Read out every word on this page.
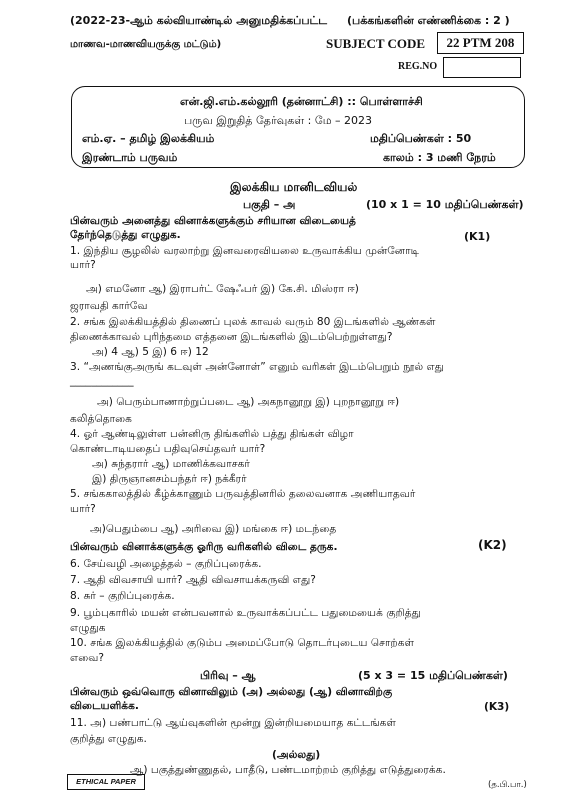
(2022-23-ஆம் கல்வியாண்டில் அனுமதிக்கப்பட்ட (பக்கங்களின் எண்ணிக்கை : 2 )
மாணவ-மாணவியருக்கு மட்டும்)	SUBJECT CODE	22 PTM 208
REG.NO
என்.ஜி.எம்.கல்லூரி (தன்னாட்சி) :: பொள்ளாச்சி
பருவ இறுதித் தேர்வுகள் : மே – 2023
எம்.ஏ. – தமிழ் இலக்கியம்	மதிப்பெண்கள் : 50
இரண்டாம் பருவம்	காலம் : 3 மணி நேரம்
இலக்கிய மானிடவியல்
பகுதி – அ	(10 x 1 = 10 மதிப்பெண்கள்)
பின்வரும் அனைத்து வினாக்களுக்கும் சரியான விடையைத்
தேர்ந்தெடுத்து எழுதுக.	(K1)
1. இந்திய சூழலில் வரலாற்று இனவரைவியலை உருவாக்கிய முன்னோடி
யார்?
அ) எமனோ ஆ) இராபர்ட் ஷேஃபர் இ) கே.சி. மிஸ்ரா ஈ)
ஜராவதி கார்வே
2. சங்க இலக்கியத்தில் திணைப் புலக் காவல் வரும் 80 இடங்களில் ஆண்கள்
திணைக்காவல் புரிந்தமை எத்தனை இடங்களில் இடம்பெற்றுள்ளது?
அ) 4 ஆ) 5 இ) 6 ஈ) 12
3. “அணங்குஅருங் கடவுள் அன்னோள்” எனும் வரிகள் இடம்பெறும் நூல் எது
____________
அ) பெரும்பாணாற்றுப்படை ஆ) அகநானூறு இ) புறநானூறு ஈ)
கலித்தொகை
4. ஓர் ஆண்டிலுள்ள பன்னிரு திங்களில் பத்து திங்கள் விழா
கொண்டாடியதைப் பதிவுசெய்தவர் யார்?
அ) சுந்தரார் ஆ) மாணிக்கவாசகர்
இ) திருஞானசம்பந்தர் ஈ) நக்கீரர்
5. சங்ககாலத்தில் கீழ்க்காணும் பருவத்தினரில் தலைவனாக அணியாதவர்
யார்?
அ)பெதும்பை ஆ) அரிவை இ) மங்கை ஈ) மடந்தை
பின்வரும் வினாக்களுக்கு ஓரிரு வரிகளில் விடை தருக.	(K2)
6. சேய்வழி அழைத்தல் – குறிப்புரைக்க.
7. ஆதி விவசாயி யார்? ஆதி விவசாயக்கருவி எது?
8. சுர் – குறிப்புரைக்க.
9. பூம்புகாரில் மயன் என்பவனால் உருவாக்கப்பட்ட பதுமையைக் குறித்து
எழுதுக
10. சங்க இலக்கியத்தில் குடும்ப அமைப்போடு தொடர்புடைய சொற்கள்
எவை?
பிரிவு – ஆ	(5 x 3 = 15 மதிப்பெண்கள்)
பின்வரும் ஒவ்வொரு வினாவிலும் (அ) அல்லது (ஆ) வினாவிற்கு
விடையளிக்க.	(K3)
11. அ) பண்பாட்டு ஆய்வுகளின் மூன்று இன்றியமையாத கட்டங்கள்
குறித்து எழுதுக.
(அல்லது)
ஆ) பகுத்துண்ணுதல், பாதீடு, பண்டமாற்றம் குறித்து எடுத்துரைக்க.
(த.பி.பா.)
ETHICAL PAPER
